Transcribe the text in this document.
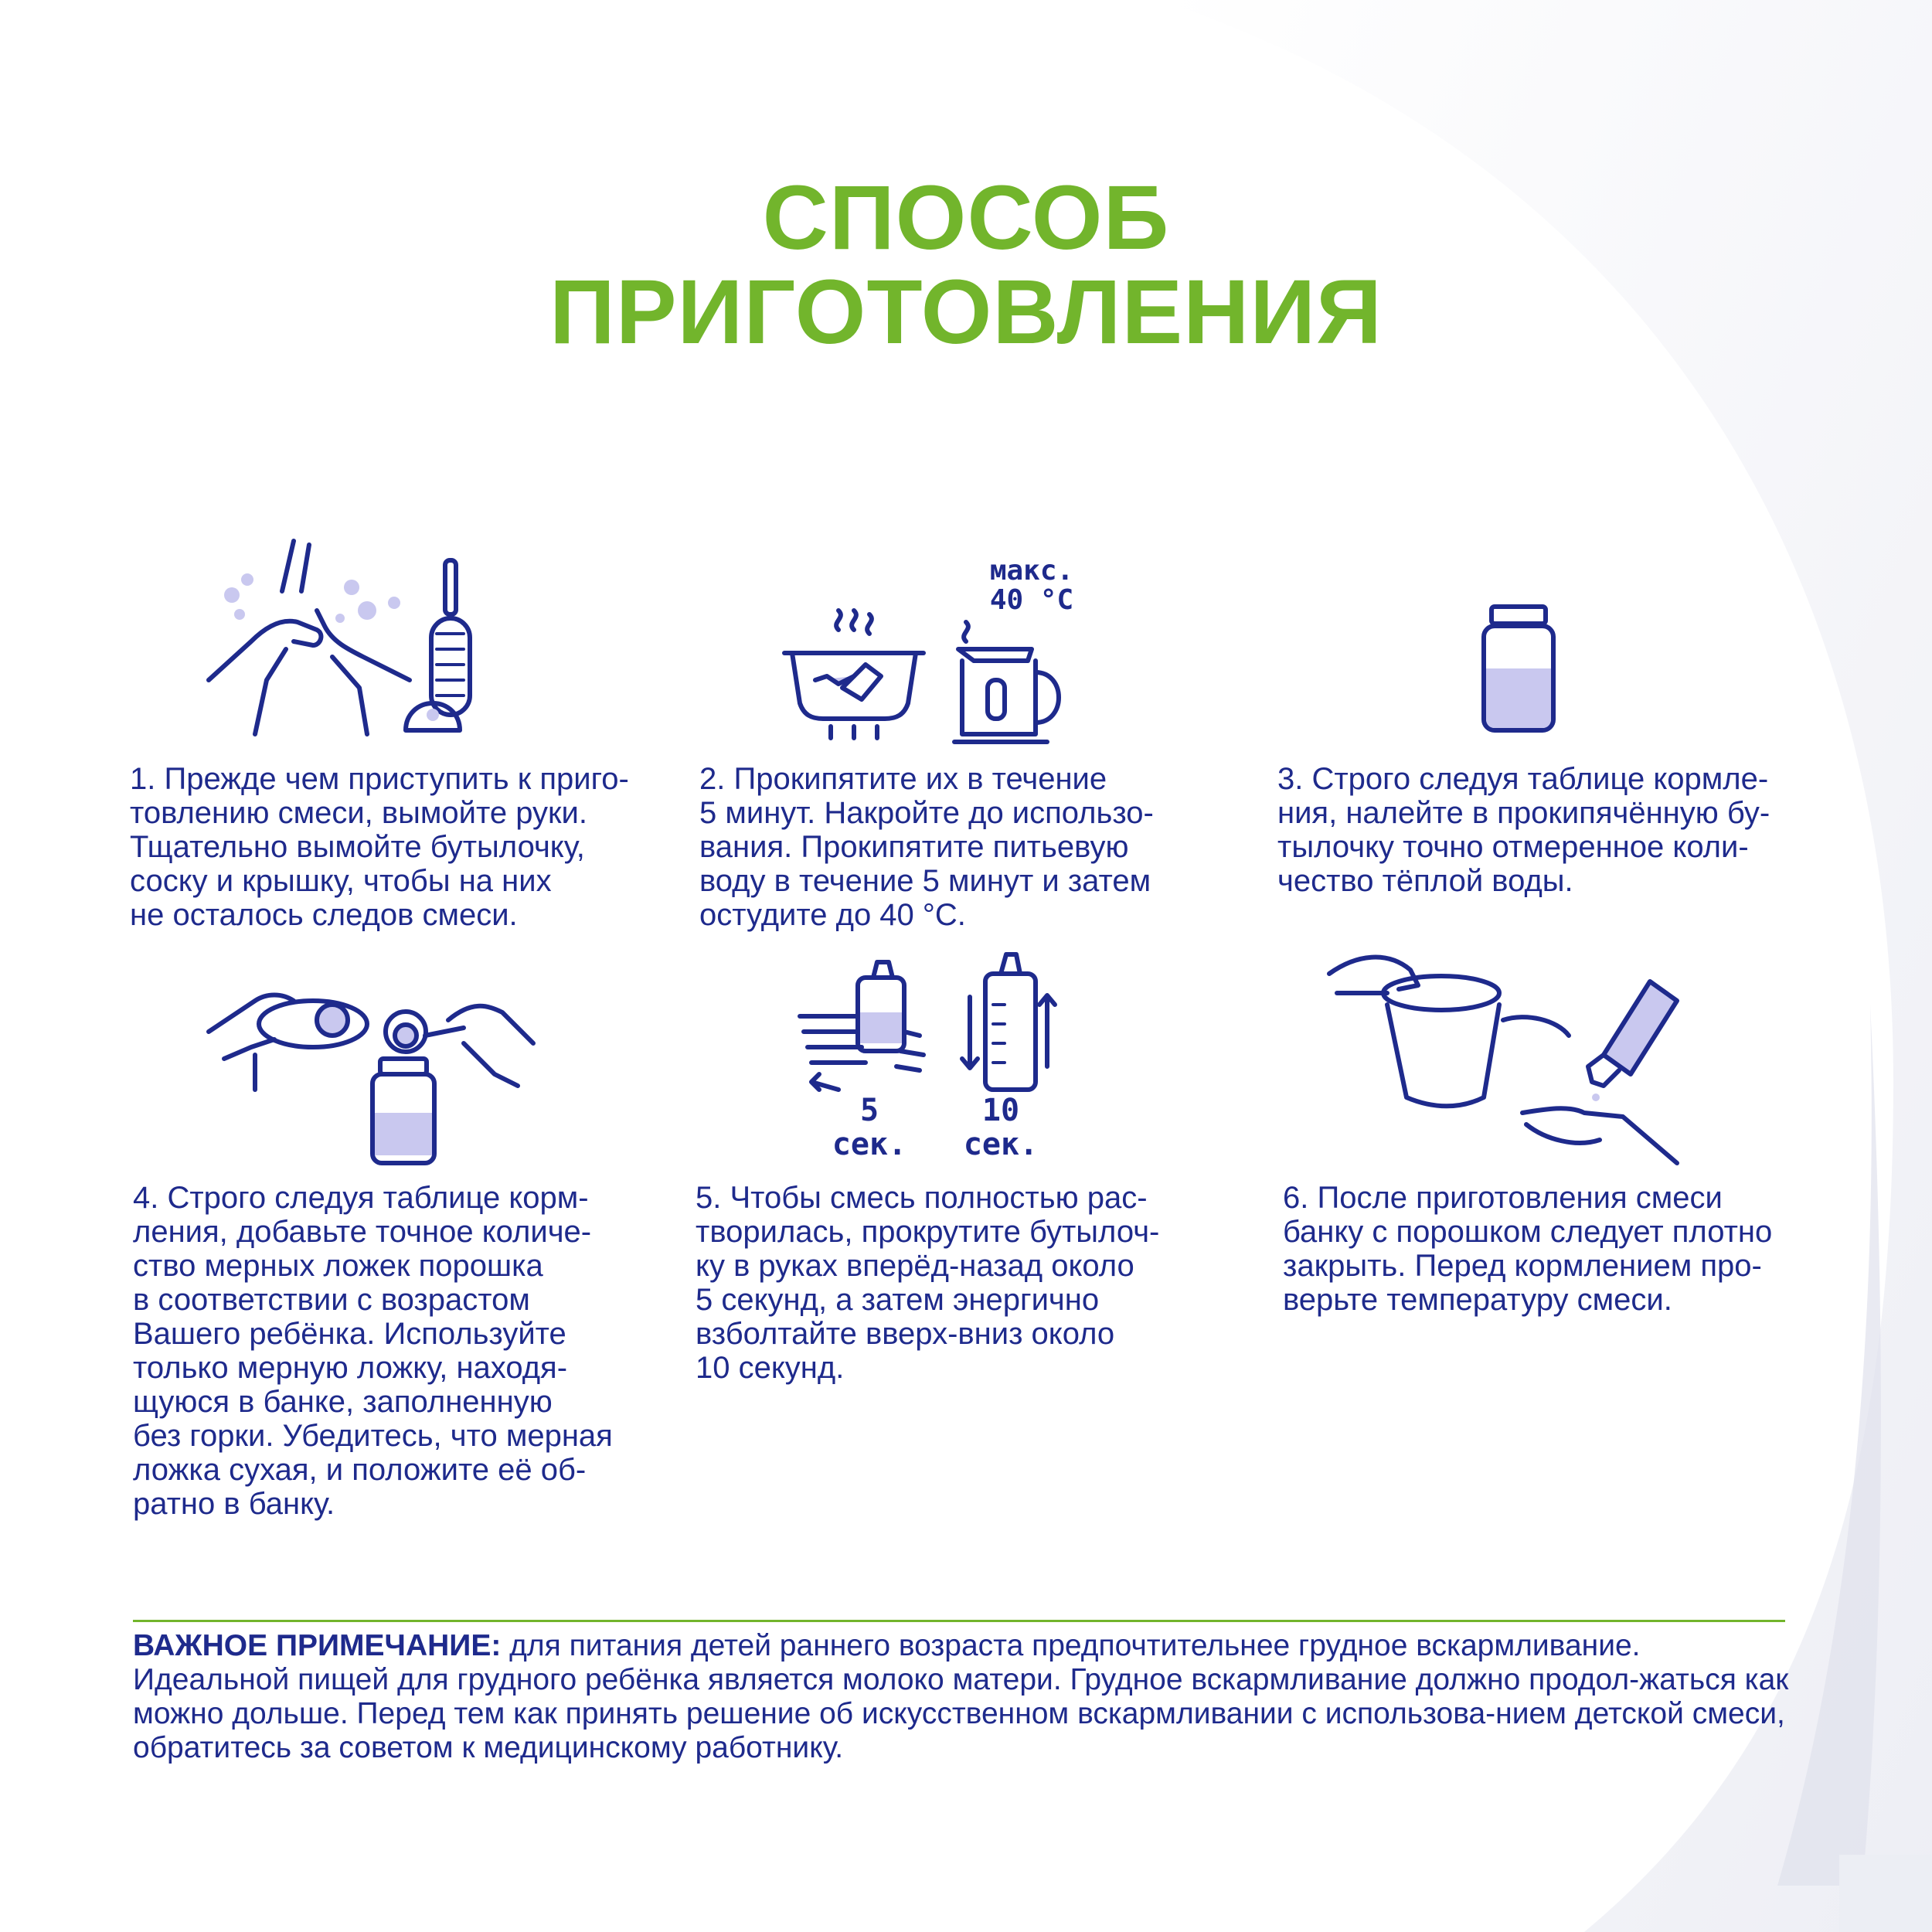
СПОСОБ
ПРИГОТОВЛЕНИЯ
макс.
40 °C
5
сек.
10
сек.
1. Прежде чем приступить к приго-
товлению смеси, вымойте руки.
Тщательно вымойте бутылочку,
соску и крышку, чтобы на них
не осталось следов смеси.
2. Прокипятите их в течение
5 минут. Накройте до использо-
вания. Прокипятите питьевую
воду в течение 5 минут и затем
остудите до 40 °C.
3. Строго следуя таблице кормле-
ния, налейте в прокипячённую бу-
тылочку точно отмеренное коли-
чество тёплой воды.
4. Строго следуя таблице корм-
ления, добавьте точное количе-
ство мерных ложек порошка
в соответствии с возрастом
Вашего ребёнка. Используйте
только мерную ложку, находя-
щуюся в банке, заполненную
без горки. Убедитесь, что мерная
ложка сухая, и положите её об-
ратно в банку.
5. Чтобы смесь полностью рас-
творилась, прокрутите бутылоч-
ку в руках вперёд-назад около
5 секунд, а затем энергично
взболтайте вверх-вниз около
10 секунд.
6. После приготовления смеси
банку с порошком следует плотно
закрыть. Перед кормлением про-
верьте температуру смеси.
ВАЖНОЕ ПРИМЕЧАНИЕ: для питания детей раннего возраста предпочтительнее грудное вскармливание. Идеальной пищей для грудного ребёнка является молоко матери. Грудное вскармливание должно продол-жаться как можно дольше. Перед тем как принять решение об искусственном вскармливании с использова-нием детской смеси, обратитесь за советом к медицинскому работнику.
